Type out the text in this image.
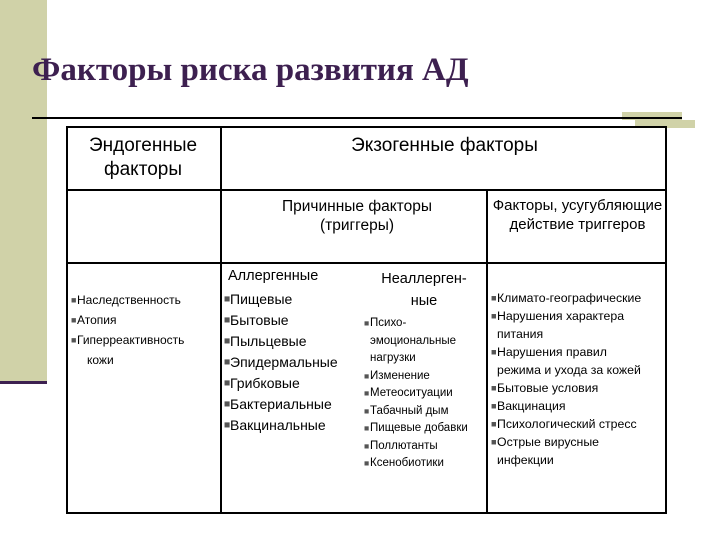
Факторы риска развития АД
Эндогенные факторы
Экзогенные факторы
Причинные факторы (триггеры)
Факторы, усугубляющие действие триггеров
■ Наследственность
■ Атопия
■ Гиперреактивность
кожи
Аллергенные
■ Пищевые
■ Бытовые
■ Пыльцевые
■ Эпидермальные
■ Грибковые
■ Бактериальные
■ Вакцинальные
Неаллерген-
ные
■ Психо-
эмоциональные
нагрузки
■ Изменение
■ Метеоситуации
■ Табачный дым
■ Пищевые добавки
■ Поллютанты
■ Ксенобиотики
■ Климато-географические
■ Нарушения характера
питания
■ Нарушения правил
режима и ухода за кожей
■ Бытовые условия
■ Вакцинация
■ Психологический стресс
■ Острые вирусные
инфекции
